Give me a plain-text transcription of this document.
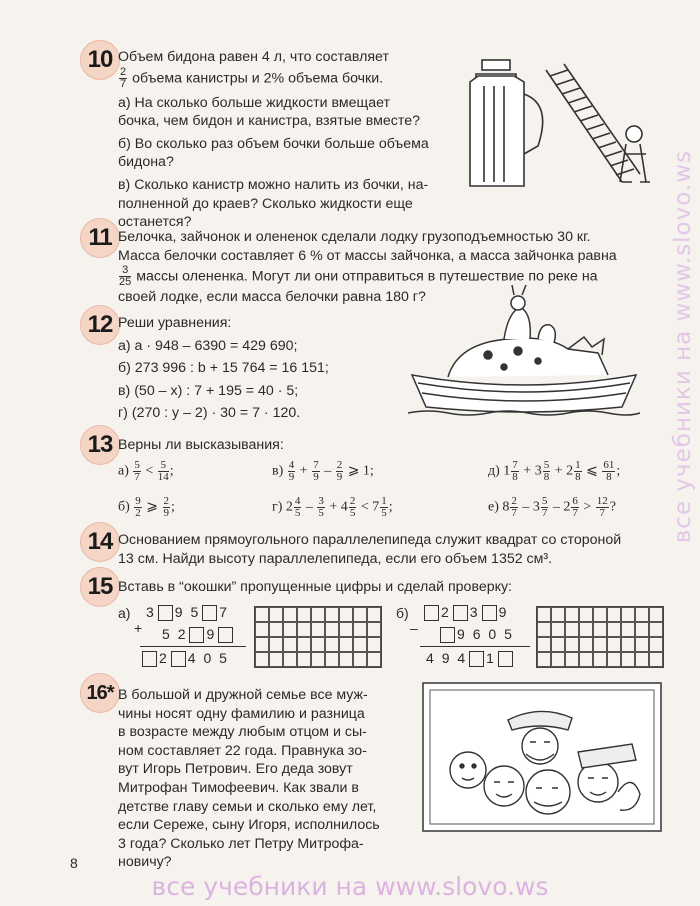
10 Объем бидона равен 4 л, что составляет
$\frac{2}{7}$ объема канистры и 2% объема бочки.
а) На сколько больше жидкости вмещает
бочка, чем бидон и канистра, взятые вместе?
б) Во сколько раз объем бочки больше объема
бидона?
в) Сколько канистр можно налить из бочки, на-
полненной до краев? Сколько жидкости еще
останется?
11 Белочка, зайчонок и олененок сделали лодку грузоподъемностью 30 кг.
Масса белочки составляет 6 % от массы зайчонка, а масса зайчонка равна
$\frac{3}{25}$ массы олененка. Могут ли они отправиться в путешествие по реке на
своей лодке, если масса белочки равна 180 г?
12 Реши уравнения:
а) a · 948 – 6390 = 429 690;
б) 273 996 : b + 15 764 = 16 151;
в) (50 – x) : 7 + 195 = 40 · 5;
г) (270 : y – 2) · 30 = 7 · 120.
13 Верны ли высказывания:
$а) \frac{5}{7} < \frac{5}{14}$ ;	$в) \frac{4}{9} + \frac{7}{9} - \frac{2}{9}$ ⩾ 1;	д) $1 \frac{7}{8} + 3 \frac{5}{8} + 2 \frac{1}{8}$ ⩽ $\frac{61}{8}$ ;
$б) \frac{9}{2}$ ⩾ $\frac{2}{9}$ ;	г) $2 \frac{4}{5} - \frac{3}{5} + 4 \frac{2}{5} < 7 \frac{1}{5}$ ;	е) $8 \frac{2}{7} - 3 \frac{5}{7} - 2 \frac{6}{7} > \frac{12}{7}$ ?
14 Основанием прямоугольного параллелепипеда служит квадрат со стороной
13 см. Найди высоту параллелепипеда, если его объем 1352 см³.
15 Вставь в “окошки” пропущенные цифры и сделай проверку:
а)
+
3 9 5 7
5 2 9
2 4 0 5
б)
–
2 3 9
9 6 0 5
4 9 4 1
16* В большой и дружной семье все муж-
чины носят одну фамилию и разница
в возрасте между любым отцом и сы-
ном составляет 22 года. Правнука зо-
вут Игорь Петрович. Его деда зовут
Митрофан Тимофеевич. Как звали в
детстве главу семьи и сколько ему лет,
если Сереже, сыну Игоря, исполнилось
3 года? Сколько лет Петру Митрофа-
новичу?
8
все учебники на www.slovo.ws
все учебники на www.slovo.ws
